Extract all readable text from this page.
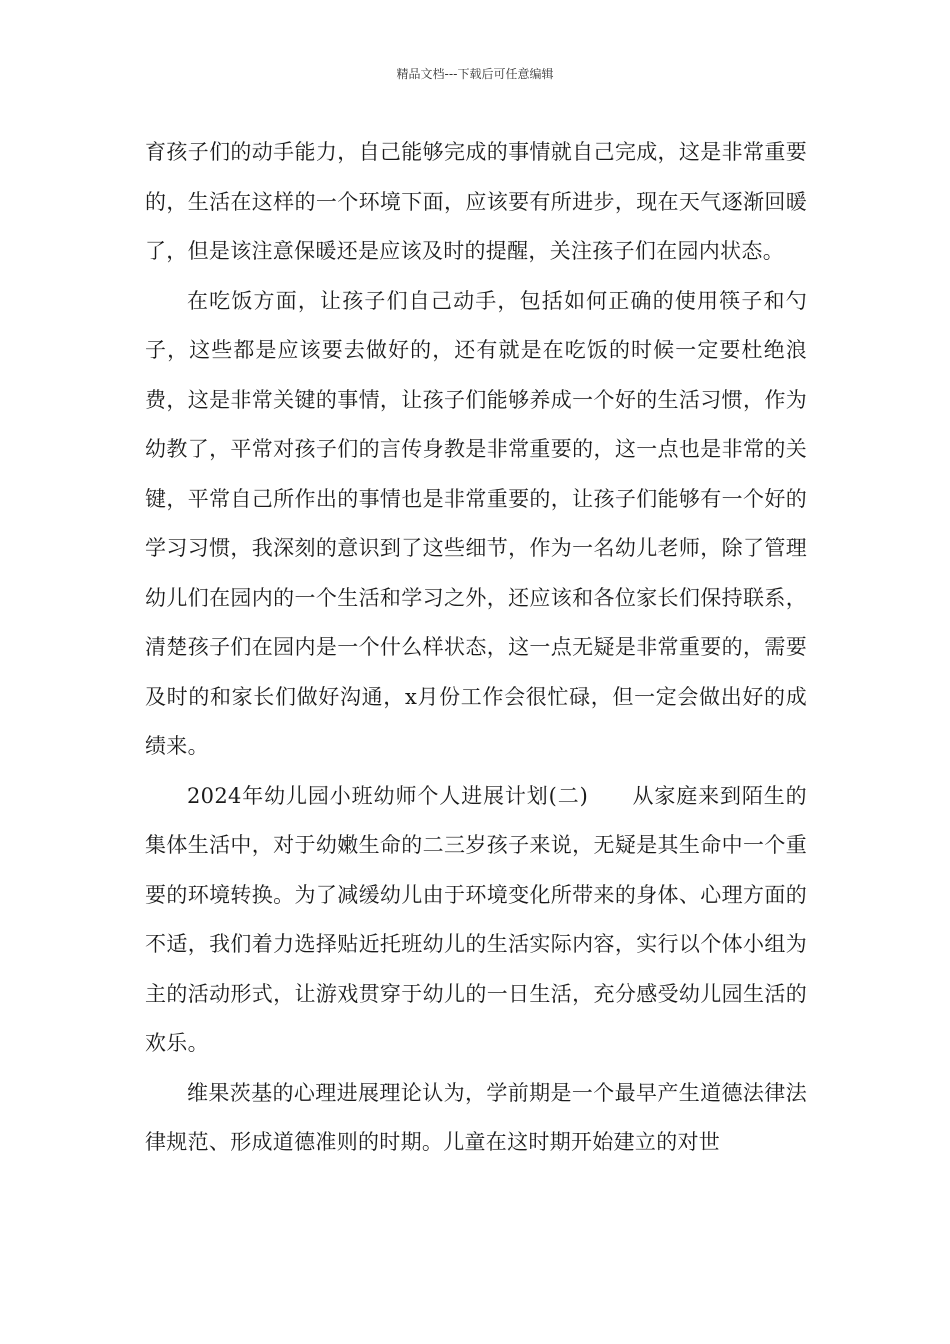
精品文档---下载后可任意编辑

育孩子们的动手能力，自己能够完成的事情就自己完成，这是非常重要的，生活在这样的一个环境下面，应该要有所进步，现在天气逐渐回暖了，但是该注意保暖还是应该及时的提醒，关注孩子们在园内状态。

在吃饭方面，让孩子们自己动手，包括如何正确的使用筷子和勺子，这些都是应该要去做好的，还有就是在吃饭的时候一定要杜绝浪费，这是非常关键的事情，让孩子们能够养成一个好的生活习惯，作为幼教了，平常对孩子们的言传身教是非常重要的，这一点也是非常的关键，平常自己所作出的事情也是非常重要的，让孩子们能够有一个好的学习习惯，我深刻的意识到了这些细节，作为一名幼儿老师，除了管理幼儿们在园内的一个生活和学习之外，还应该和各位家长们保持联系，清楚孩子们在园内是一个什么样状态，这一点无疑是非常重要的，需要及时的和家长们做好沟通，x月份工作会很忙碌，但一定会做出好的成绩来。

2024年幼儿园小班幼师个人进展计划(二)　　从家庭来到陌生的集体生活中，对于幼嫩生命的二三岁孩子来说，无疑是其生命中一个重要的环境转换。为了减缓幼儿由于环境变化所带来的身体、心理方面的不适，我们着力选择贴近托班幼儿的生活实际内容，实行以个体小组为主的活动形式，让游戏贯穿于幼儿的一日生活，充分感受幼儿园生活的欢乐。

维果茨基的心理进展理论认为，学前期是一个最早产生道德法律法律规范、形成道德准则的时期。儿童在这时期开始建立的对世
